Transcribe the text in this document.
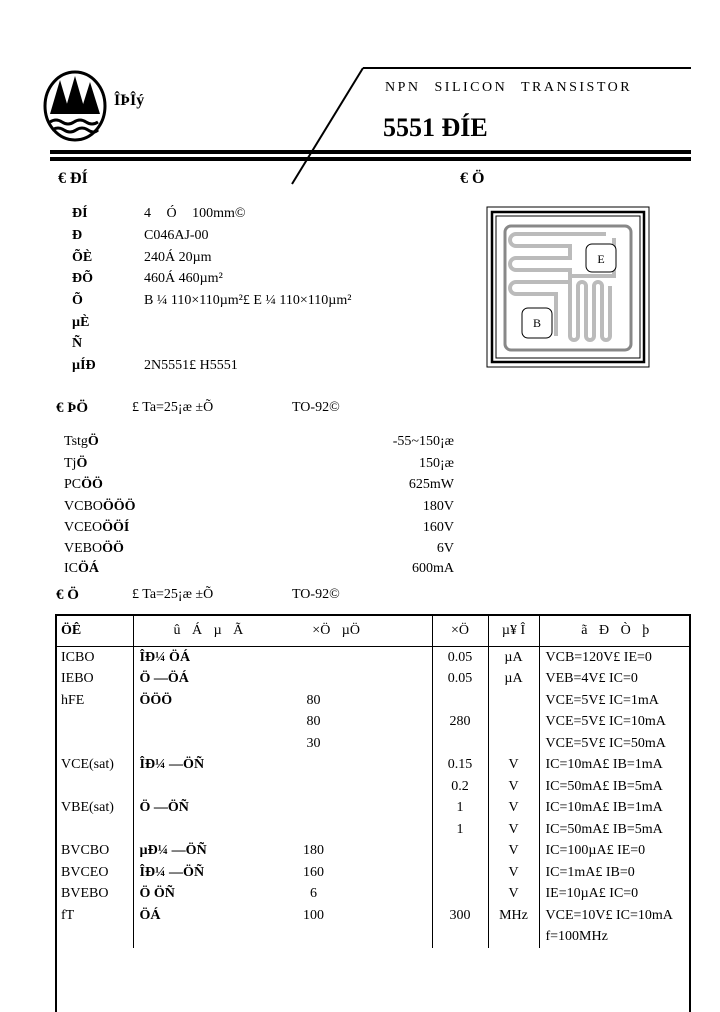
ÎÞÎý
NPN SILICON TRANSISTOR
5551 ÐÍE
€ ÐÍ
ÐÍ	4 Ó 100mm©
Ð	C046AJ-00
ÕÈ	240Á 20µm
ÐÕ	460Á 460µm²
Õ	B ¼ 110×110µm²£ E ¼ 110×110µm²
µÈ
Ñ
µÍÐ	2N5551£ H5551
€ Ö
E
B
€ ÞÖ	£ Ta=25¡æ ±Õ	TO-92©
TstgÖ	-55~150¡æ
TjÖ	150¡æ
PCÖÖ	625mW
VCBOÖÖÖ	180V
VCEOÖÖÍ	160V
VEBOÖÖ	6V
ICÖÁ	600mA
€ Ö	£ Ta=25¡æ ±Õ	TO-92©
ÖÊ	û Á µ Ã ×Ö µÖ			×Ö	µ¥ Î	ã Ð Ò þ
ICBO	ÎÐ¼ ÖÁ			0.05	µA	VCB=120V£ IE=0
IEBO	Ö —ÖÁ			0.05	µA	VEB=4V£ IC=0
hFE	ÖÖÖ	80				VCE=5V£ IC=1mA
		80		280		VCE=5V£ IC=10mA
		30				VCE=5V£ IC=50mA
VCE(sat)	ÎÐ¼ —ÖÑ			0.15	V	IC=10mA£ IB=1mA
				0.2	V	IC=50mA£ IB=5mA
VBE(sat)	Ö —ÖÑ			1	V	IC=10mA£ IB=1mA
				1	V	IC=50mA£ IB=5mA
BVCBO	µÐ¼ —ÖÑ	180			V	IC=100µA£ IE=0
BVCEO	ÎÐ¼ —ÖÑ	160			V	IC=1mA£ IB=0
BVEBO	Ö ÖÑ	6			V	IE=10µA£ IC=0
fT	ÖÁ	100		300	MHz	VCE=10V£ IC=10mA
						f=100MHz
